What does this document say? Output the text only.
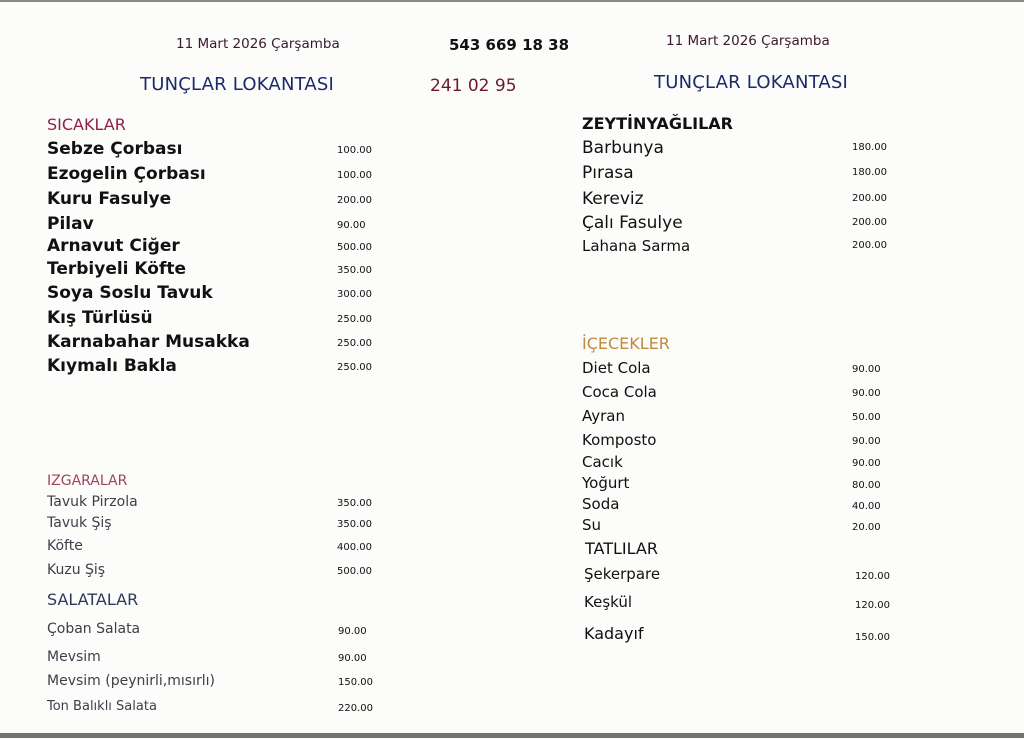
11 Mart 2026 Çarşamba
TUNÇLAR LOKANTASI
543 669 18 38
241 02 95
11 Mart 2026 Çarşamba
TUNÇLAR LOKANTASI
SICAKLAR
Sebze Çorbası	100.00
Ezogelin Çorbası	100.00
Kuru Fasulye	200.00
Pilav	90.00
Arnavut Ciğer	500.00
Terbiyeli Köfte	350.00
Soya Soslu Tavuk	300.00
Kış Türlüsü	250.00
Karnabahar Musakka	250.00
Kıymalı Bakla	250.00
IZGARALAR
Tavuk Pirzola	350.00
Tavuk Şiş	350.00
Köfte	400.00
Kuzu Şiş	500.00
SALATALAR
Çoban Salata	90.00
Mevsim	90.00
Mevsim (peynirli,mısırlı)	150.00
Ton Balıklı Salata	220.00
ZEYTİNYAĞLILAR
Barbunya	180.00
Pırasa	180.00
Kereviz	200.00
Çalı Fasulye	200.00
Lahana Sarma	200.00
İÇECEKLER
Diet Cola	90.00
Coca Cola	90.00
Ayran	50.00
Komposto	90.00
Cacık	90.00
Yoğurt	80.00
Soda	40.00
Su	20.00
TATLILAR
Şekerpare	120.00
Keşkül	120.00
Kadayıf	150.00
